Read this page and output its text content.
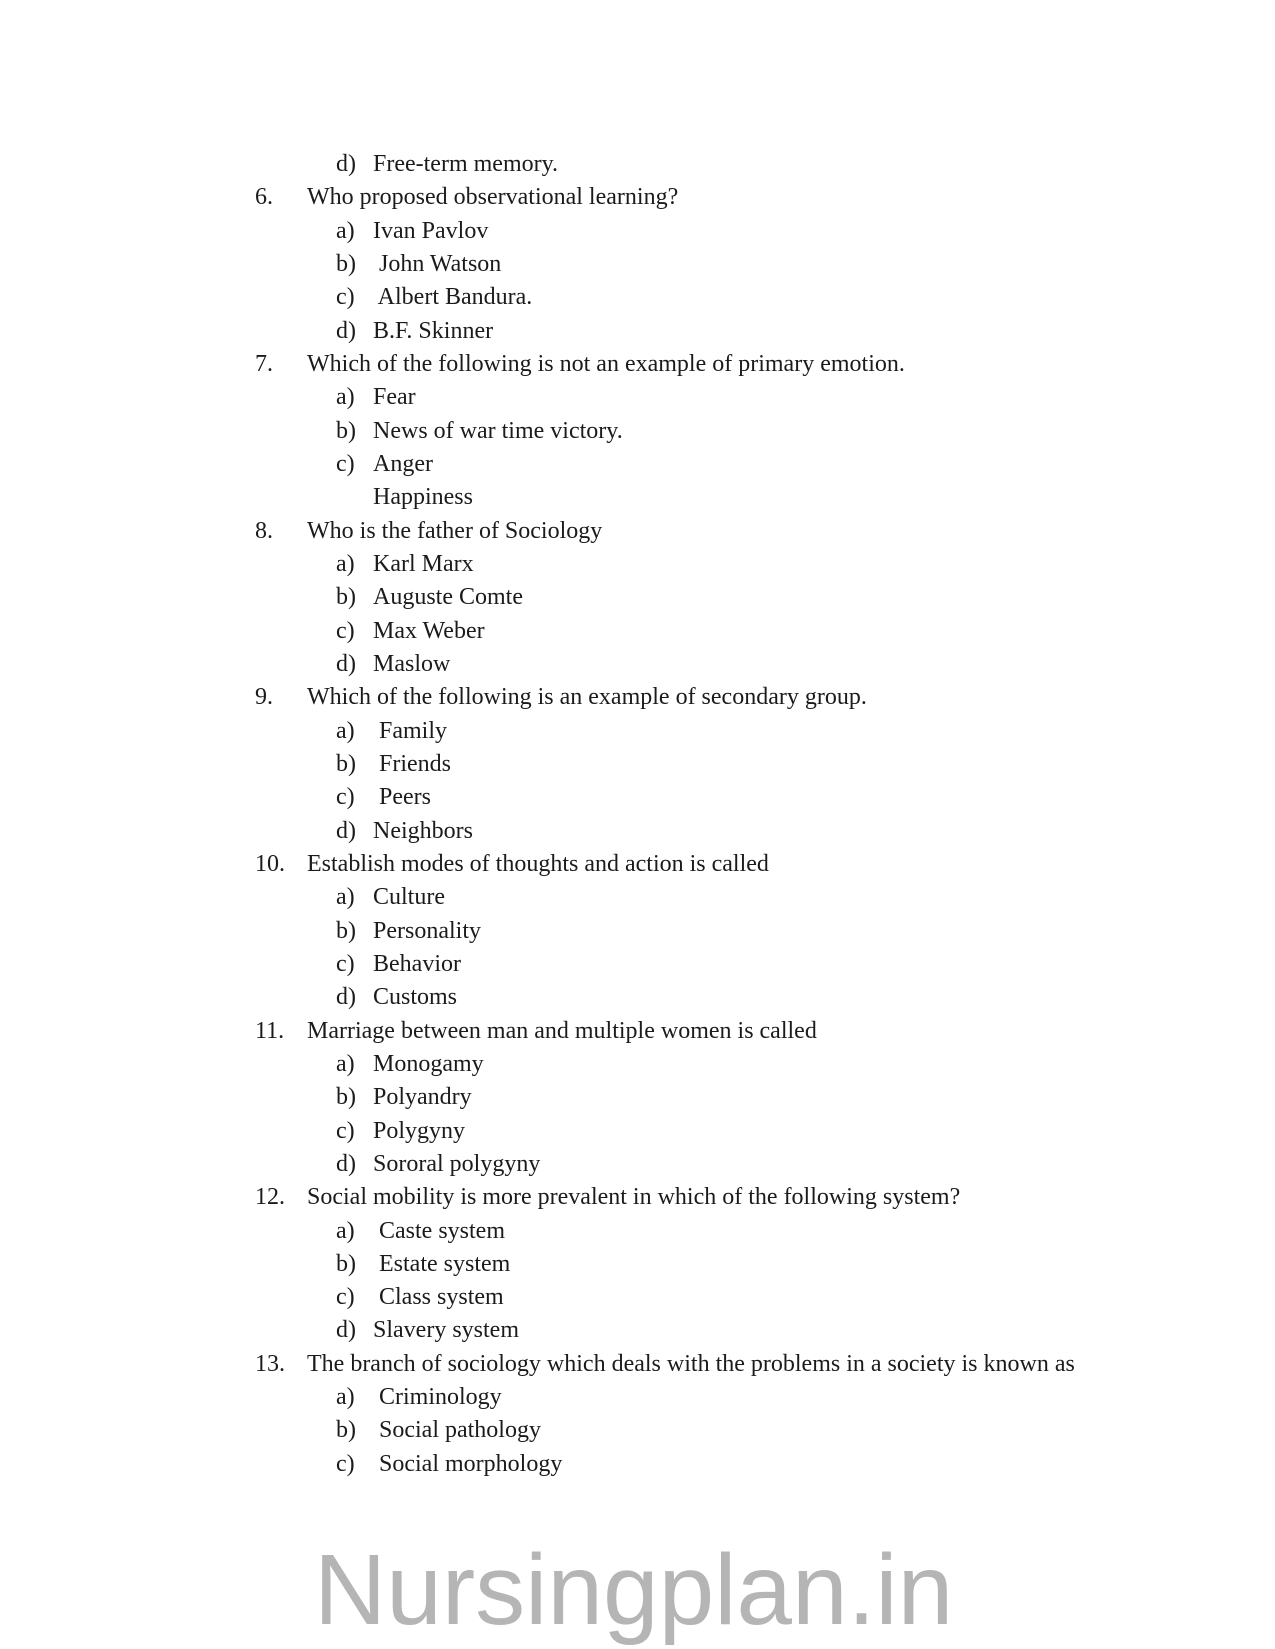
d) Free-term memory.
6. Who proposed observational learning?
a) Ivan Pavlov
b) John Watson
c) Albert Bandura.
d) B.F. Skinner
7. Which of the following is not an example of primary emotion.
a) Fear
b) News of war time victory.
c) Anger
Happiness
8. Who is the father of Sociology
a) Karl Marx
b) Auguste Comte
c) Max Weber
d) Maslow
9. Which of the following is an example of secondary group.
a) Family
b) Friends
c) Peers
d) Neighbors
10. Establish modes of thoughts and action is called
a) Culture
b) Personality
c) Behavior
d) Customs
11. Marriage between man and multiple women is called
a) Monogamy
b) Polyandry
c) Polygyny
d) Sororal polygyny
12. Social mobility is more prevalent in which of the following system?
a) Caste system
b) Estate system
c) Class system
d) Slavery system
13. The branch of sociology which deals with the problems in a society is known as
a) Criminology
b) Social pathology
c) Social morphology
Nursingplan.in
